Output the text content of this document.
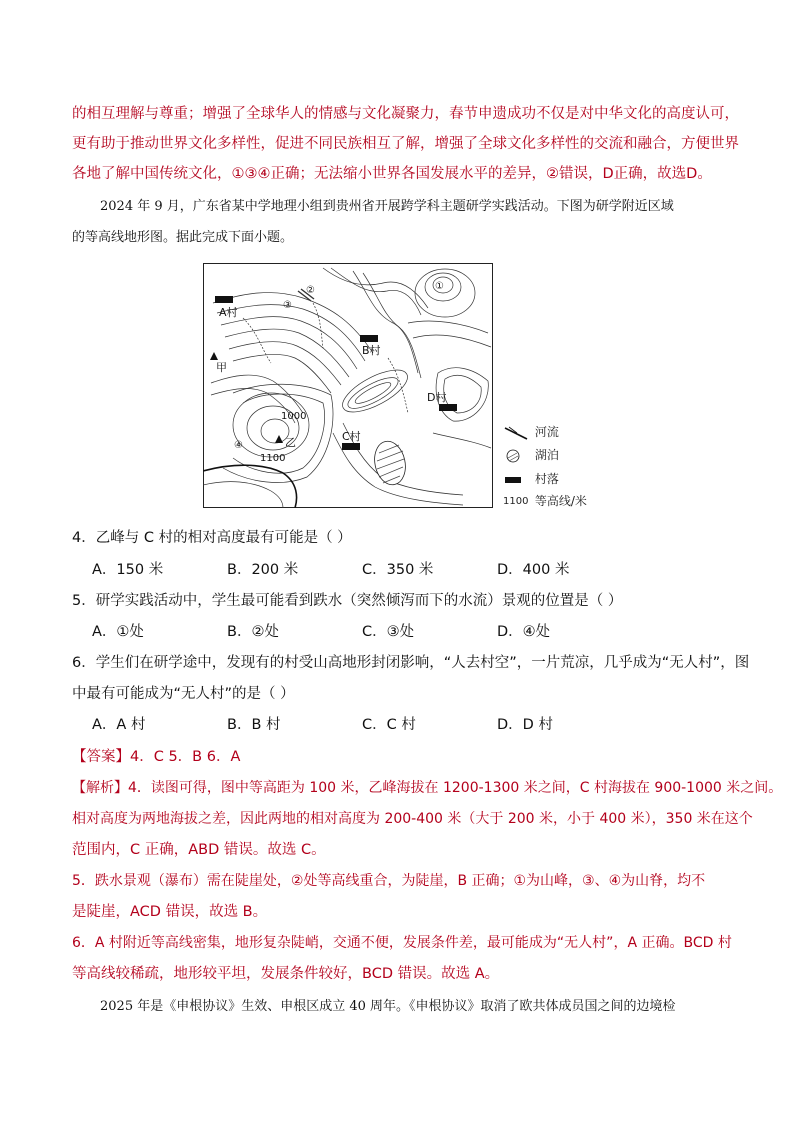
的相互理解与尊重；增强了全球华人的情感与文化凝聚力，春节申遗成功不仅是对中华文化的高度认可，
更有助于推动世界文化多样性，促进不同民族相互了解，增强了全球文化多样性的交流和融合，方便世界
各地了解中国传统文化，①③④正确；无法缩小世界各国发展水平的差异，②错误，D正确，故选D。
2024 年 9 月，广东省某中学地理小组到贵州省开展跨学科主题研学实践活动。下图为研学附近区域
的等高线地形图。据此完成下面小题。
A村
B村
D村
C村
甲
乙
1000
1100
①
②
③
④
河流
湖泊
村落
1100 等高线/米
4．乙峰与 C 村的相对高度最有可能是（ ）
A．150 米	B．200 米	C．350 米	D．400 米
5．研学实践活动中，学生最可能看到跌水（突然倾泻而下的水流）景观的位置是（ ）
A．①处	B．②处	C．③处	D．④处
6．学生们在研学途中，发现有的村受山高地形封闭影响，“人去村空”，一片荒凉，几乎成为“无人村”，图
中最有可能成为“无人村”的是（ ）
A．A 村	B．B 村	C．C 村	D．D 村
【答案】4．C 5．B 6．A
【解析】4．读图可得，图中等高距为 100 米，乙峰海拔在 1200-1300 米之间，C 村海拔在 900-1000 米之间。
相对高度为两地海拔之差，因此两地的相对高度为 200-400 米（大于 200 米，小于 400 米），350 米在这个
范围内，C 正确，ABD 错误。故选 C。
5．跌水景观（瀑布）需在陡崖处，②处等高线重合，为陡崖，B 正确；①为山峰，③、④为山脊，均不
是陡崖，ACD 错误，故选 B。
6．A 村附近等高线密集，地形复杂陡峭，交通不便，发展条件差，最可能成为“无人村”，A 正确。BCD 村
等高线较稀疏，地形较平坦，发展条件较好，BCD 错误。故选 A。
2025 年是《申根协议》生效、申根区成立 40 周年。《申根协议》取消了欧共体成员国之间的边境检
